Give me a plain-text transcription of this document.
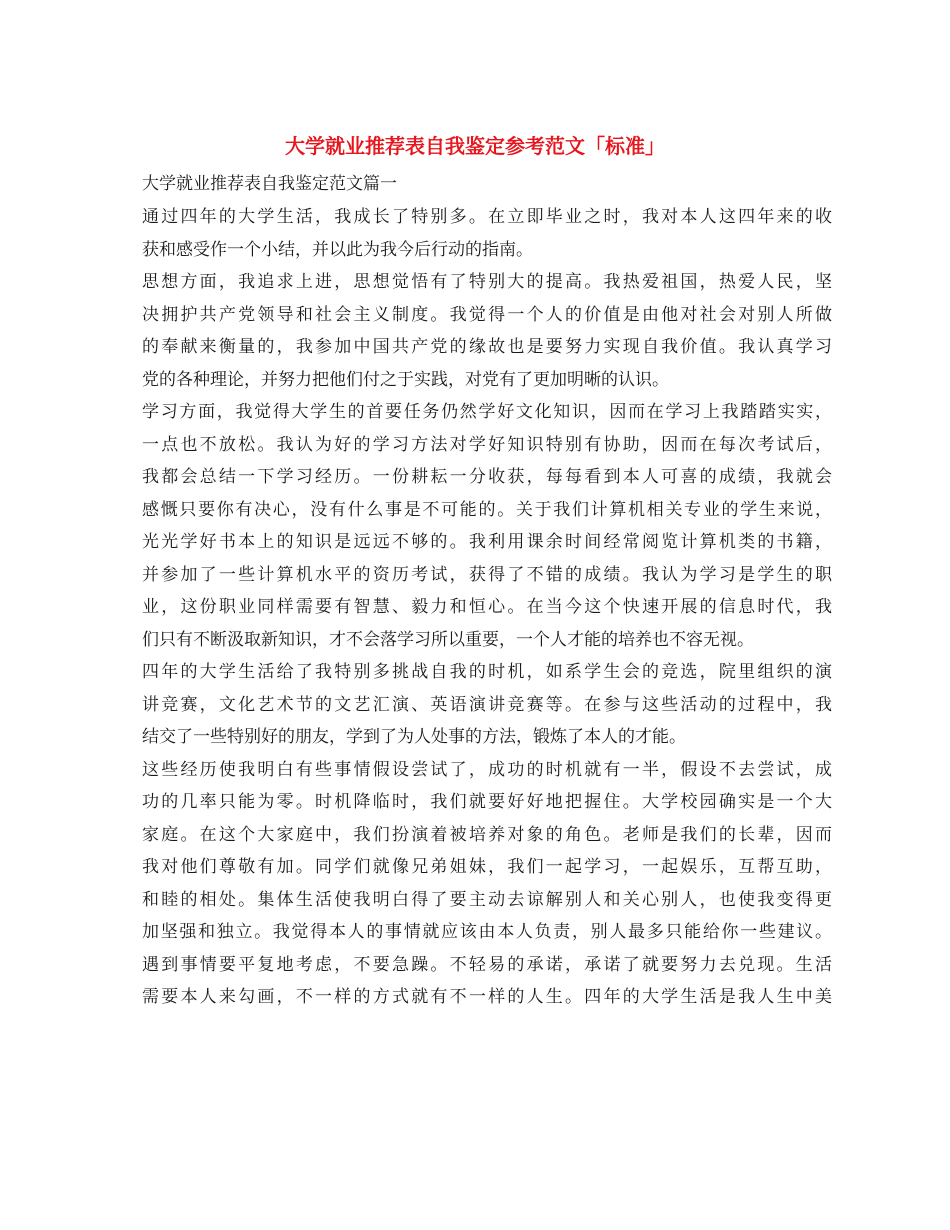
大学就业推荐表自我鉴定参考范文「标准」
大学就业推荐表自我鉴定范文篇一
通过四年的大学生活，我成长了特别多。在立即毕业之时，我对本人这四年来的收
获和感受作一个小结，并以此为我今后行动的指南。
思想方面，我追求上进，思想觉悟有了特别大的提高。我热爱祖国，热爱人民，坚
决拥护共产党领导和社会主义制度。我觉得一个人的价值是由他对社会对别人所做
的奉献来衡量的，我参加中国共产党的缘故也是要努力实现自我价值。我认真学习
党的各种理论，并努力把他们付之于实践，对党有了更加明晰的认识。
学习方面，我觉得大学生的首要任务仍然学好文化知识，因而在学习上我踏踏实实，
一点也不放松。我认为好的学习方法对学好知识特别有协助，因而在每次考试后，
我都会总结一下学习经历。一份耕耘一分收获，每每看到本人可喜的成绩，我就会
感慨只要你有决心，没有什么事是不可能的。关于我们计算机相关专业的学生来说，
光光学好书本上的知识是远远不够的。我利用课余时间经常阅览计算机类的书籍，
并参加了一些计算机水平的资历考试，获得了不错的成绩。我认为学习是学生的职
业，这份职业同样需要有智慧、毅力和恒心。在当今这个快速开展的信息时代，我
们只有不断汲取新知识，才不会落学习所以重要，一个人才能的培养也不容无视。
四年的大学生活给了我特别多挑战自我的时机，如系学生会的竞选，院里组织的演
讲竞赛，文化艺术节的文艺汇演、英语演讲竞赛等。在参与这些活动的过程中，我
结交了一些特别好的朋友，学到了为人处事的方法，锻炼了本人的才能。
这些经历使我明白有些事情假设尝试了，成功的时机就有一半，假设不去尝试，成
功的几率只能为零。时机降临时，我们就要好好地把握住。大学校园确实是一个大
家庭。在这个大家庭中，我们扮演着被培养对象的角色。老师是我们的长辈，因而
我对他们尊敬有加。同学们就像兄弟姐妹，我们一起学习，一起娱乐，互帮互助，
和睦的相处。集体生活使我明白得了要主动去谅解别人和关心别人，也使我变得更
加坚强和独立。我觉得本人的事情就应该由本人负责，别人最多只能给你一些建议。
遇到事情要平复地考虑，不要急躁。不轻易的承诺，承诺了就要努力去兑现。生活
需要本人来勾画，不一样的方式就有不一样的人生。四年的大学生活是我人生中美
